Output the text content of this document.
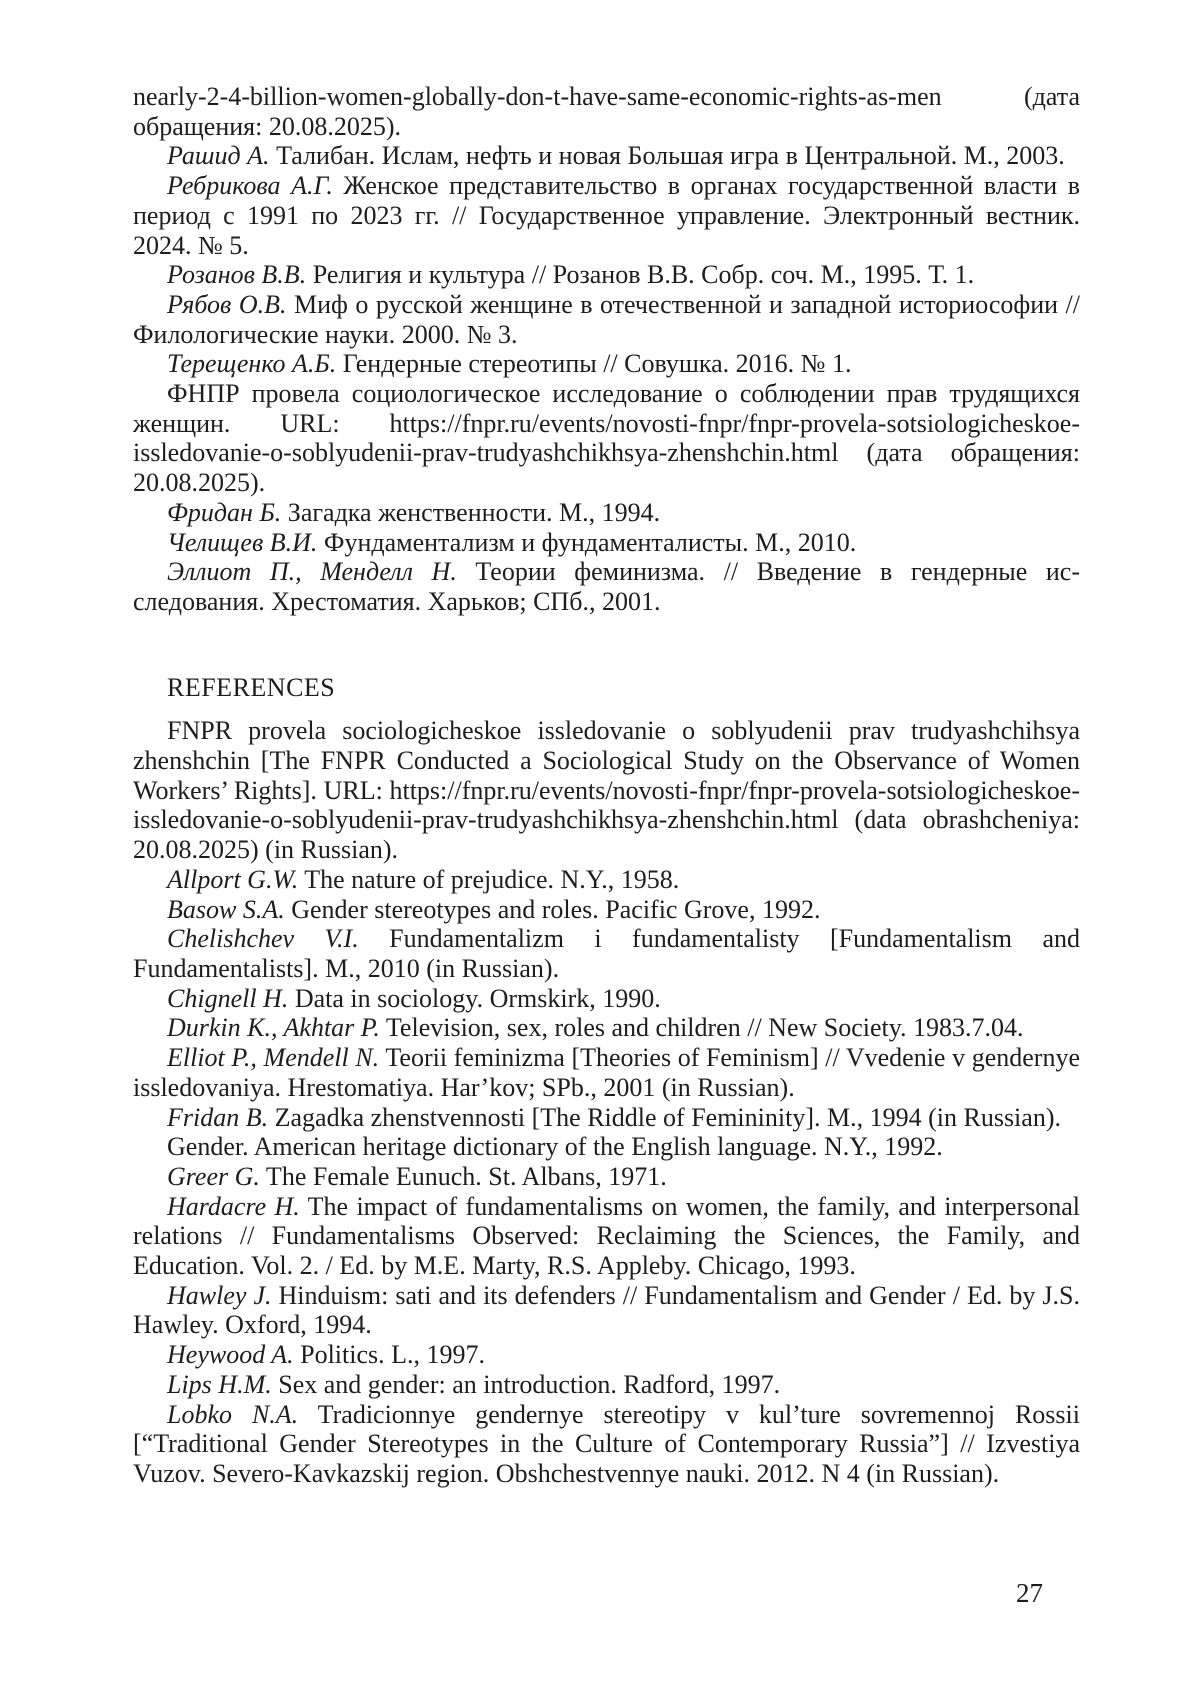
nearly-2-4-billion-women-globally-don-t-have-same-economic-rights-as-men (дата обращения: 20.08.2025).

Рашид А. Талибан. Ислам, нефть и новая Большая игра в Центральной. М., 2003.

Ребрикова А.Г. Женское представительство в органах государственной власти в период с 1991 по 2023 гг. // Государственное управление. Электронный вестник. 2024. № 5.

Розанов В.В. Религия и культура // Розанов В.В. Собр. соч. М., 1995. Т. 1.

Рябов О.В. Миф о русской женщине в отечественной и западной историософии // Филологические науки. 2000. № 3.

Терещенко А.Б. Гендерные стереотипы // Совушка. 2016. № 1.

ФНПР провела социологическое исследование о соблюдении прав трудящихся женщин. URL: https://fnpr.ru/events/novosti-fnpr/fnpr-provela-sotsiologicheskoe-issledovanie-o-soblyudenii-prav-trudyashchikhsya-zhenshchin.html (дата обращения: 20.08.2025).

Фридан Б. Загадка женственности. М., 1994.

Челищев В.И. Фундаментализм и фундаменталисты. М., 2010.

Эллиот П., Менделл Н. Теории феминизма. // Введение в гендерные исследования. Хрестоматия. Харьков; СПб., 2001.

REFERENCES

FNPR provela sociologicheskoe issledovanie o soblyudenii prav trudyashchihsya zhenshchin [The FNPR Conducted a Sociological Study on the Observance of Women Workers’ Rights]. URL: https://fnpr.ru/events/novosti-fnpr/fnpr-provela-sotsiologicheskoe-issledovanie-o-soblyudenii-prav-trudyashchikhsya-zhenshchin.html (data obrashcheniya: 20.08.2025) (in Russian).

Allport G.W. The nature of prejudice. N.Y., 1958.

Basow S.A. Gender stereotypes and roles. Pacific Grove, 1992.

Chelishchev V.I. Fundamentalizm i fundamentalisty [Fundamentalism and Fundamentalists]. M., 2010 (in Russian).

Chignell H. Data in sociology. Ormskirk, 1990.

Durkin K., Akhtar P. Television, sex, roles and children // New Society. 1983.7.04.

Elliot P., Mendell N. Teorii feminizma [Theories of Feminism] // Vvedenie v gendernye issledovaniya. Hrestomatiya. Har’kov; SPb., 2001 (in Russian).

Fridan B. Zagadka zhenstvennosti [The Riddle of Femininity]. M., 1994 (in Russian).

Gender. American heritage dictionary of the English language. N.Y., 1992.

Greer G. The Female Eunuch. St. Albans, 1971.

Hardacre H. The impact of fundamentalisms on women, the family, and interpersonal relations // Fundamentalisms Observed: Reclaiming the Sciences, the Family, and Education. Vol. 2. / Ed. by M.E. Marty, R.S. Appleby. Chicago, 1993.

Hawley J. Hinduism: sati and its defenders // Fundamentalism and Gender / Ed. by J.S. Hawley. Oxford, 1994.

Heywood A. Politics. L., 1997.

Lips H.M. Sex and gender: an introduction. Radford, 1997.

Lobko N.A. Tradicionnye gendernye stereotipy v kul’ture sovremennoj Rossii [“Traditional Gender Stereotypes in the Culture of Contemporary Russia”] // Izvestiya Vuzov. Severo-Kavkazskij region. Obshchestvennye nauki. 2012. N 4 (in Russian).

27
